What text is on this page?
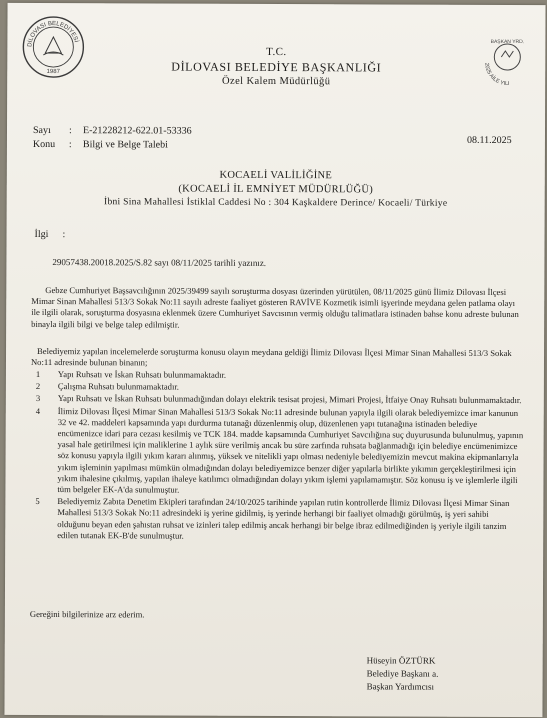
DİLOVASI BELEDİYESİ
1987
BAŞKAN YRD.
2025 AİLE YILI
T.C.
DİLOVASI BELEDİYE BAŞKANLIĞI
Özel Kalem Müdürlüğü
Sayı : E-21228212-622.01-53336
Konu : Bilgi ve Belge Talebi	08.11.2025
KOCAELİ VALİLİĞİNE
(KOCAELİ İL EMNİYET MÜDÜRLÜĞÜ)
İbni Sina Mahallesi İstiklal Caddesi No : 304 Kaşkaldere Derince/ Kocaeli/ Türkiye
İlgi :
29057438.20018.2025/S.82 sayı 08/11/2025 tarihli yazınız.
Gebze Cumhuriyet Başsavcılığının 2025/39499 sayılı soruşturma dosyası üzerinden yürütülen, 08/11/2025 günü İlimiz Dilovası İlçesi Mimar Sinan Mahallesi 513/3 Sokak No:11 sayılı adreste faaliyet gösteren RAVİVE Kozmetik isimli işyerinde meydana gelen patlama olayı ile ilgili olarak, soruşturma dosyasına eklenmek üzere Cumhuriyet Savcısının vermiş olduğu talimatlara istinaden bahse konu adreste bulunan binayla ilgili bilgi ve belge talep edilmiştir.
Belediyemiz yapılan incelemelerde soruşturma konusu olayın meydana geldiği İlimiz Dilovası İlçesi Mimar Sinan Mahallesi 513/3 Sokak No:11 adresinde bulunan binanın;
1 Yapı Ruhsatı ve İskan Ruhsatı bulunmamaktadır.
2 Çalışma Ruhsatı bulunmamaktadır.
3 Yapı Ruhsatı ve İskan Ruhsatı bulunmadığından dolayı elektrik tesisat projesi, Mimari Projesi, İtfaiye Onay Ruhsatı bulunmamaktadır.
4 İlimiz Dilovası İlçesi Mimar Sinan Mahallesi 513/3 Sokak No:11 adresinde bulunan yapıyla ilgili olarak belediyemizce imar kanunun 32 ve 42. maddeleri kapsamında yapı durdurma tutanağı düzenlenmiş olup, düzenlenen yapı tutanağına istinaden belediye encümenizce idari para cezası kesilmiş ve TCK 184. madde kapsamında Cumhuriyet Savcılığına suç duyurusunda bulunulmuş, yapının yasal hale getirilmesi için maliklerine 1 aylık süre verilmiş ancak bu süre zarfında ruhsata bağlanmadığı için belediye encümenimizce söz konusu yapıyla ilgili yıkım kararı alınmış, yüksek ve nitelikli yapı olması nedeniyle belediyemizin mevcut makina ekipmanlarıyla yıkım işleminin yapılması mümkün olmadığından dolayı belediyemizce benzer diğer yapılarla birlikte yıkımın gerçekleştirilmesi için yıkım ihalesine çıkılmış, yapılan ihaleye katılımcı olmadığından dolayı yıkım işlemi yapılamamıştır. Söz konusu iş ve işlemlerle ilgili tüm belgeler EK-A'da sunulmuştur.
5 Belediyemiz Zabıta Denetim Ekipleri tarafından 24/10/2025 tarihinde yapılan rutin kontrollerde İlimiz Dilovası İlçesi Mimar Sinan Mahallesi 513/3 Sokak No:11 adresindeki iş yerine gidilmiş, iş yerinde herhangi bir faaliyet olmadığı görülmüş, iş yeri sahibi olduğunu beyan eden şahıstan ruhsat ve izinleri talep edilmiş ancak herhangi bir belge ibraz edilmediğinden iş yeriyle ilgili tanzim edilen tutanak EK-B'de sunulmuştur.
Gereğini bilgilerinize arz ederim.
Hüseyin ÖZTÜRK
Belediye Başkanı a.
Başkan Yardımcısı
